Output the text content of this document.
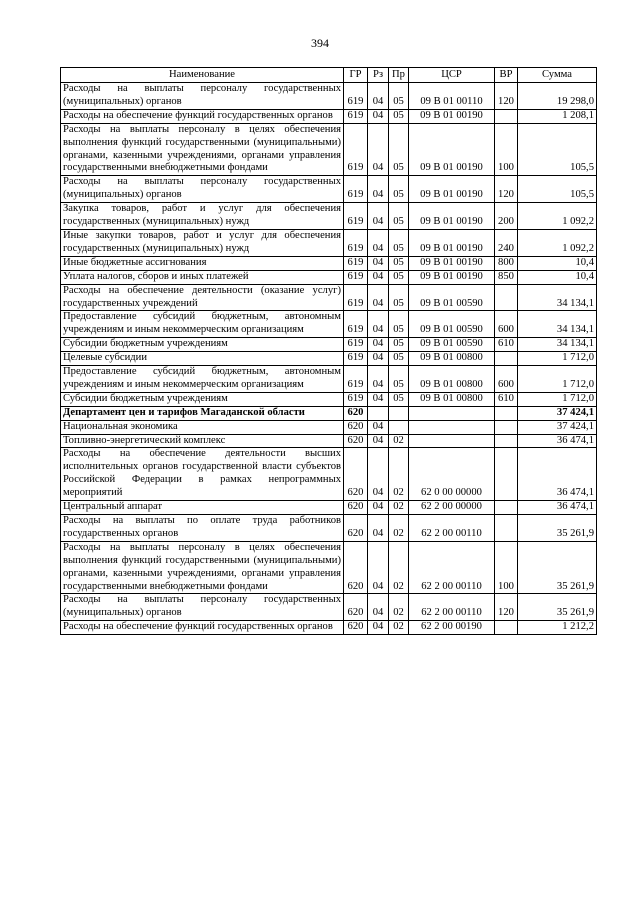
394
Наименование	ГР	Рз	Пр	ЦСР	ВР	Сумма
Расходы на выплаты персоналу государственных (муниципальных) органов	619	04	05	09 В 01 00110	120	19 298,0
Расходы на обеспечение функций государственных органов	619	04	05	09 В 01 00190		1 208,1
Расходы на выплаты персоналу в целях обеспечения выполнения функций государственными (муниципальными) органами, казенными учреждениями, органами управления государственными внебюджетными фондами	619	04	05	09 В 01 00190	100	105,5
Расходы на выплаты персоналу государственных (муниципальных) органов	619	04	05	09 В 01 00190	120	105,5
Закупка товаров, работ и услуг для обеспечения государственных (муниципальных) нужд	619	04	05	09 В 01 00190	200	1 092,2
Иные закупки товаров, работ и услуг для обеспечения государственных (муниципальных) нужд	619	04	05	09 В 01 00190	240	1 092,2
Иные бюджетные ассигнования	619	04	05	09 В 01 00190	800	10,4
Уплата налогов, сборов и иных платежей	619	04	05	09 В 01 00190	850	10,4
Расходы на обеспечение деятельности (оказание услуг) государственных учреждений	619	04	05	09 В 01 00590		34 134,1
Предоставление субсидий бюджетным, автономным учреждениям и иным некоммерческим организациям	619	04	05	09 В 01 00590	600	34 134,1
Субсидии бюджетным учреждениям	619	04	05	09 В 01 00590	610	34 134,1
Целевые субсидии	619	04	05	09 В 01 00800		1 712,0
Предоставление субсидий бюджетным, автономным учреждениям и иным некоммерческим организациям	619	04	05	09 В 01 00800	600	1 712,0
Субсидии бюджетным учреждениям	619	04	05	09 В 01 00800	610	1 712,0
Департамент цен и тарифов Магаданской области	620					37 424,1
Национальная экономика	620	04				37 424,1
Топливно-энергетический комплекс	620	04	02			36 474,1
Расходы на обеспечение деятельности высших исполнительных органов государственной власти субъектов Российской Федерации в рамках непрограммных мероприятий	620	04	02	62 0 00 00000		36 474,1
Центральный аппарат	620	04	02	62 2 00 00000		36 474,1
Расходы на выплаты по оплате труда работников государственных органов	620	04	02	62 2 00 00110		35 261,9
Расходы на выплаты персоналу в целях обеспечения выполнения функций государственными (муниципальными) органами, казенными учреждениями, органами управления государственными внебюджетными фондами	620	04	02	62 2 00 00110	100	35 261,9
Расходы на выплаты персоналу государственных (муниципальных) органов	620	04	02	62 2 00 00110	120	35 261,9
Расходы на обеспечение функций государственных органов	620	04	02	62 2 00 00190		1 212,2
